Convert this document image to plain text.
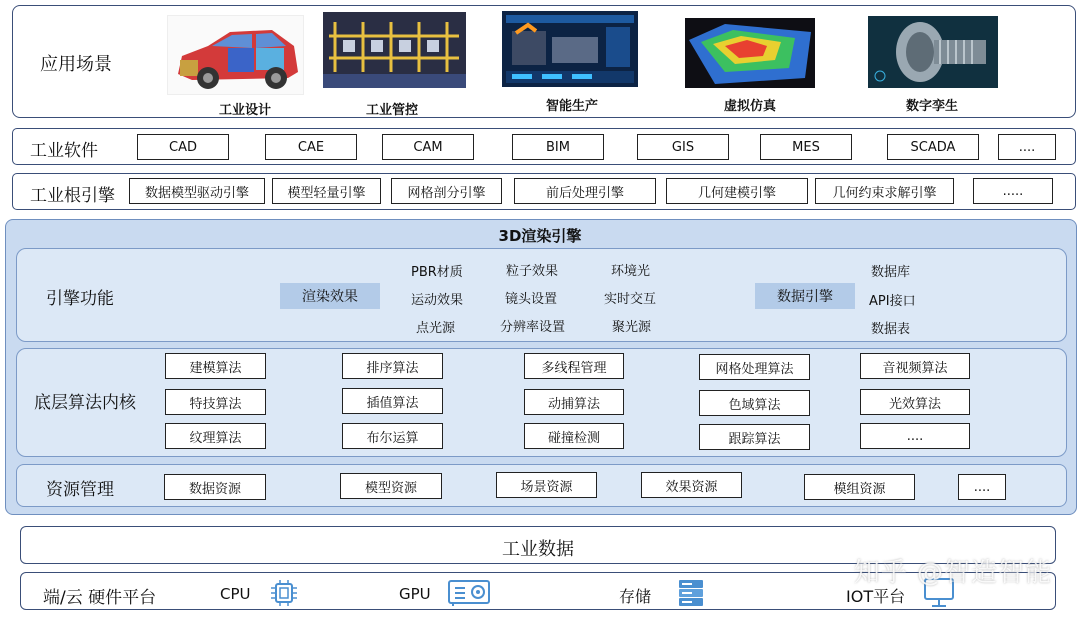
应用场景
工业设计	工业管控	智能生产	虚拟仿真	数字孪生
工业软件	CAD	CAE	CAM	BIM	GIS	MES	SCADA	....
工业根引擎	数据模型驱动引擎	模型轻量引擎	网格剖分引擎	前后处理引擎	几何建模引擎	几何约束求解引擎	.....
3D渲染引擎
引擎功能	渲染效果
PBR材质	粒子效果	环境光
运动效果	镜头设置	实时交互
点光源	分辨率设置	聚光源
数据引擎
数据库
API接口
数据表
底层算法内核
建模算法	排序算法	多线程管理	网格处理算法	音视频算法
特技算法	插值算法	动捕算法	色域算法	光效算法
纹理算法	布尔运算	碰撞检测	跟踪算法	....
资源管理	数据资源	模型资源	场景资源	效果资源	模组资源	....
工业数据
端/云 硬件平台	CPU	GPU	存储	IOT平台
知乎 @智造智能
